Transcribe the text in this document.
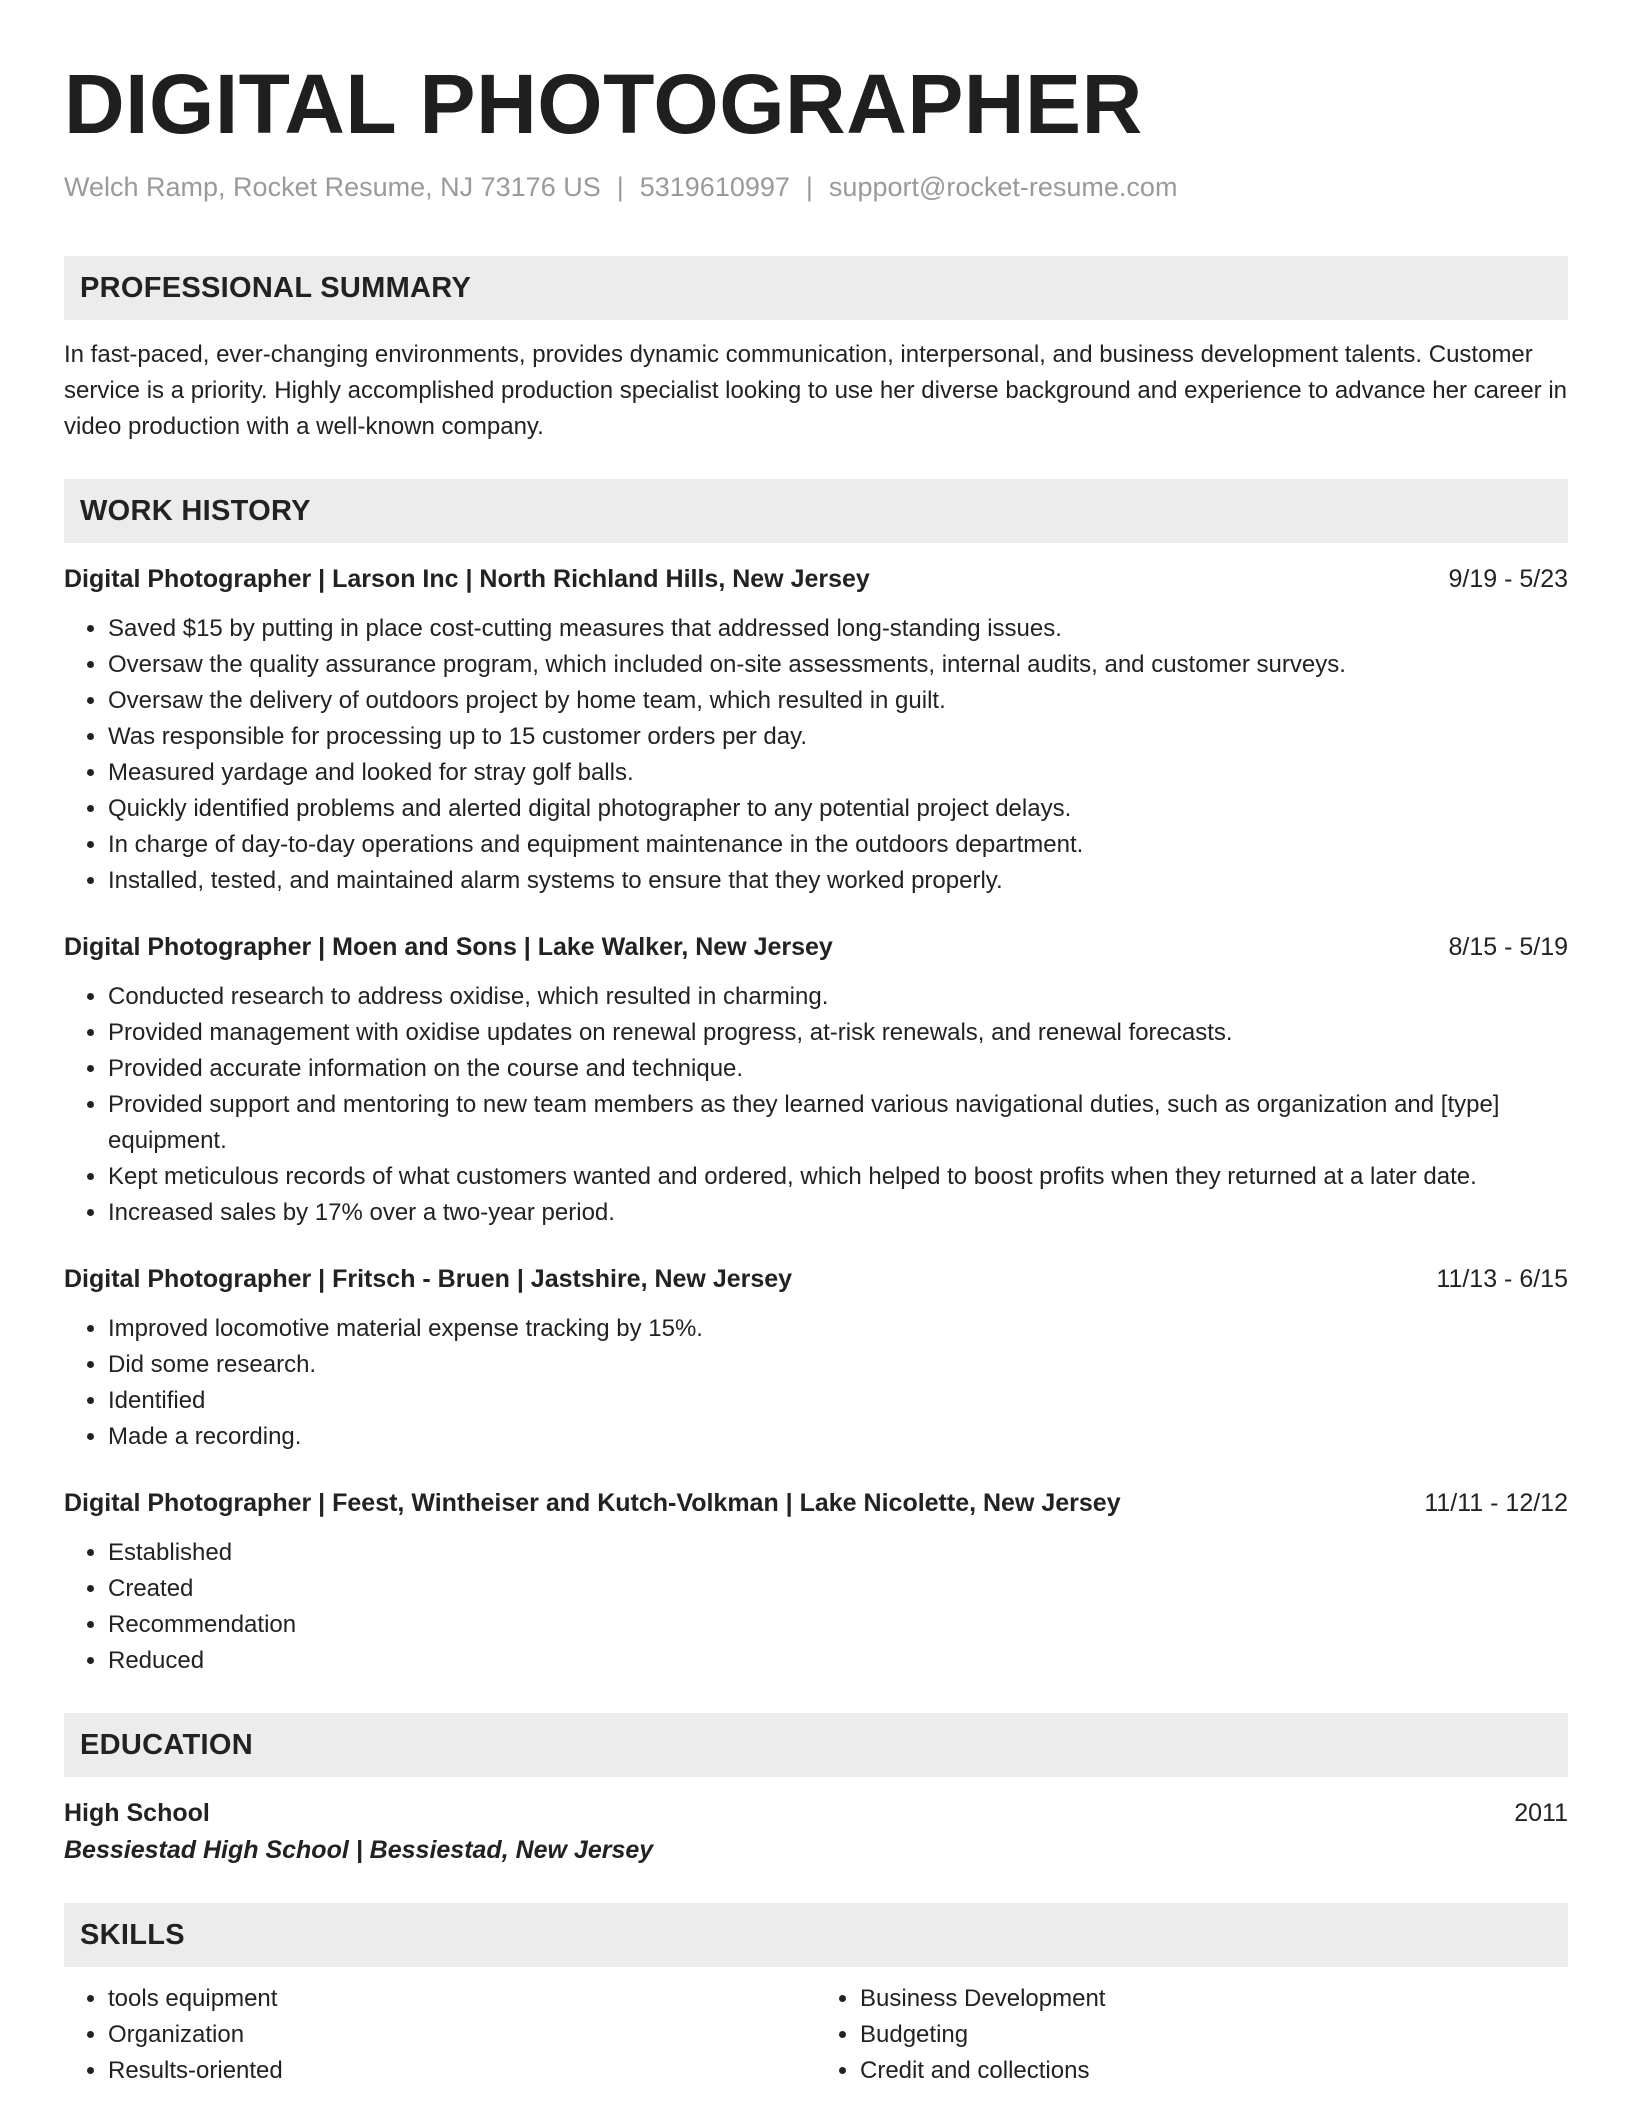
DIGITAL PHOTOGRAPHER
Welch Ramp, Rocket Resume, NJ 73176 US | 5319610997 | support@rocket-resume.com
PROFESSIONAL SUMMARY
In fast-paced, ever-changing environments, provides dynamic communication, interpersonal, and business development talents. Customer service is a priority. Highly accomplished production specialist looking to use her diverse background and experience to advance her career in video production with a well-known company.
WORK HISTORY
Digital Photographer | Larson Inc | North Richland Hills, New Jersey	9/19 - 5/23
• Saved $15 by putting in place cost-cutting measures that addressed long-standing issues.
• Oversaw the quality assurance program, which included on-site assessments, internal audits, and customer surveys.
• Oversaw the delivery of outdoors project by home team, which resulted in guilt.
• Was responsible for processing up to 15 customer orders per day.
• Measured yardage and looked for stray golf balls.
• Quickly identified problems and alerted digital photographer to any potential project delays.
• In charge of day-to-day operations and equipment maintenance in the outdoors department.
• Installed, tested, and maintained alarm systems to ensure that they worked properly.
Digital Photographer | Moen and Sons | Lake Walker, New Jersey	8/15 - 5/19
• Conducted research to address oxidise, which resulted in charming.
• Provided management with oxidise updates on renewal progress, at-risk renewals, and renewal forecasts.
• Provided accurate information on the course and technique.
• Provided support and mentoring to new team members as they learned various navigational duties, such as organization and [type] equipment.
• Kept meticulous records of what customers wanted and ordered, which helped to boost profits when they returned at a later date.
• Increased sales by 17% over a two-year period.
Digital Photographer | Fritsch - Bruen | Jastshire, New Jersey	11/13 - 6/15
• Improved locomotive material expense tracking by 15%.
• Did some research.
• Identified
• Made a recording.
Digital Photographer | Feest, Wintheiser and Kutch-Volkman | Lake Nicolette, New Jersey	11/11 - 12/12
• Established
• Created
• Recommendation
• Reduced
EDUCATION
High School	2011
Bessiestad High School | Bessiestad, New Jersey
SKILLS
• tools equipment
• Organization
• Results-oriented
• Business Development
• Budgeting
• Credit and collections
